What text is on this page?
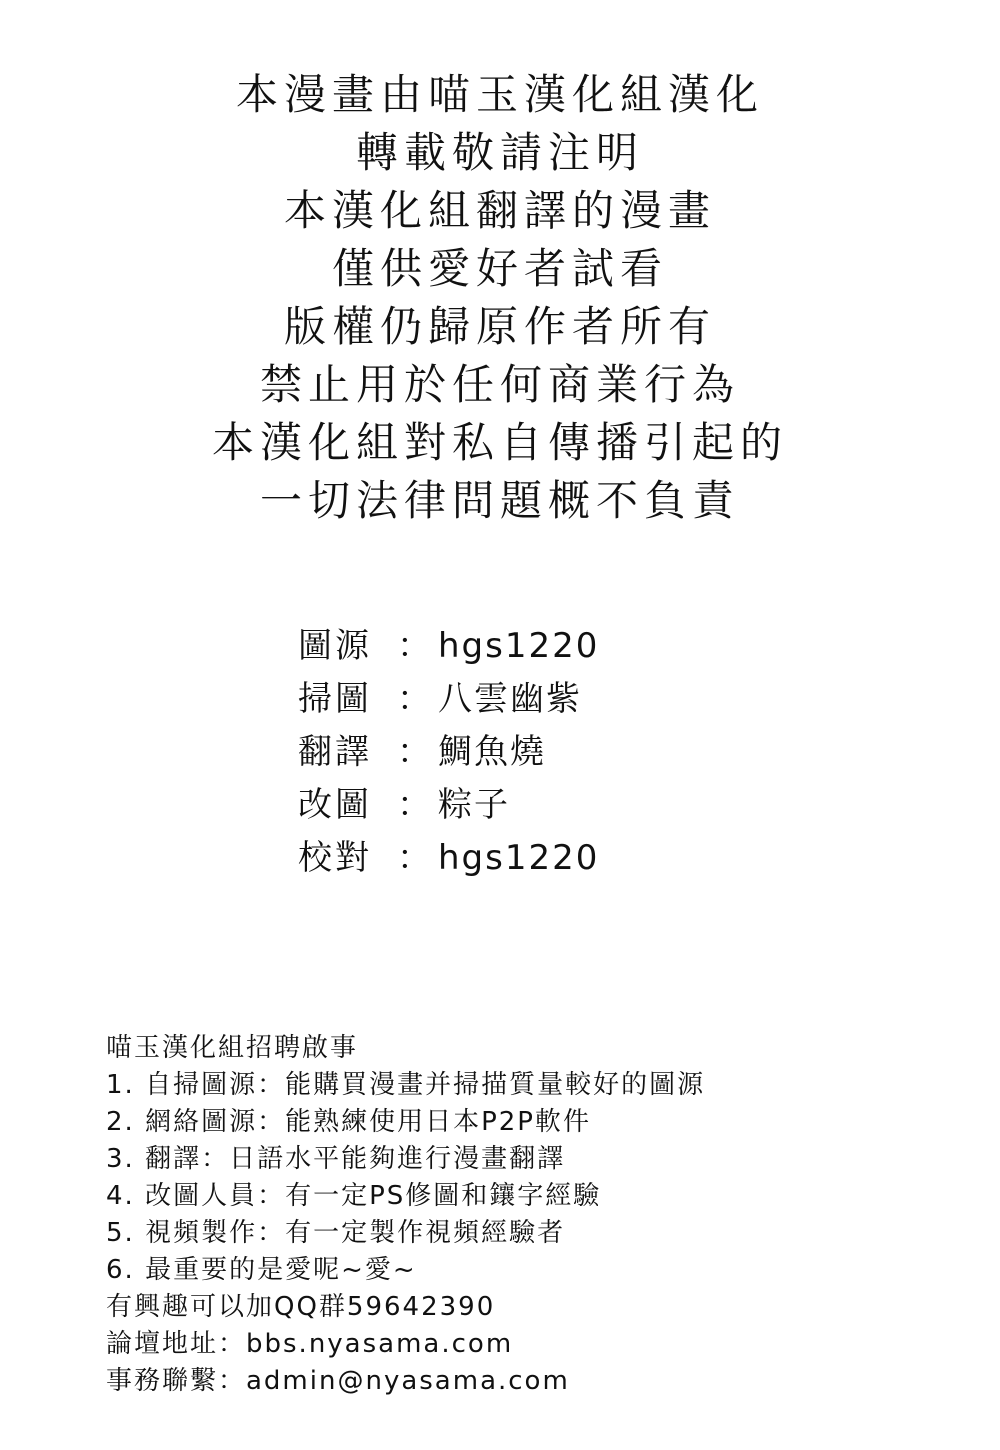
本漫畫由喵玉漢化組漢化
轉載敬請注明
本漢化組翻譯的漫畫
僅供愛好者試看
版權仍歸原作者所有
禁止用於任何商業行為
本漢化組對私自傳播引起的
一切法律問題概不負責
圖源 ： hgs1220
掃圖 ： 八雲幽紫
翻譯 ： 鯛魚燒
改圖 ： 粽子
校對 ： hgs1220
喵玉漢化組招聘啟事
1. 自掃圖源：能購買漫畫并掃描質量較好的圖源
2. 網絡圖源：能熟練使用日本P2P軟件
3. 翻譯：日語水平能夠進行漫畫翻譯
4. 改圖人員：有一定PS修圖和鑲字經驗
5. 視頻製作：有一定製作視頻經驗者
6. 最重要的是愛呢~愛~
有興趣可以加QQ群59642390
論壇地址：bbs.nyasama.com
事務聯繫：admin@nyasama.com
